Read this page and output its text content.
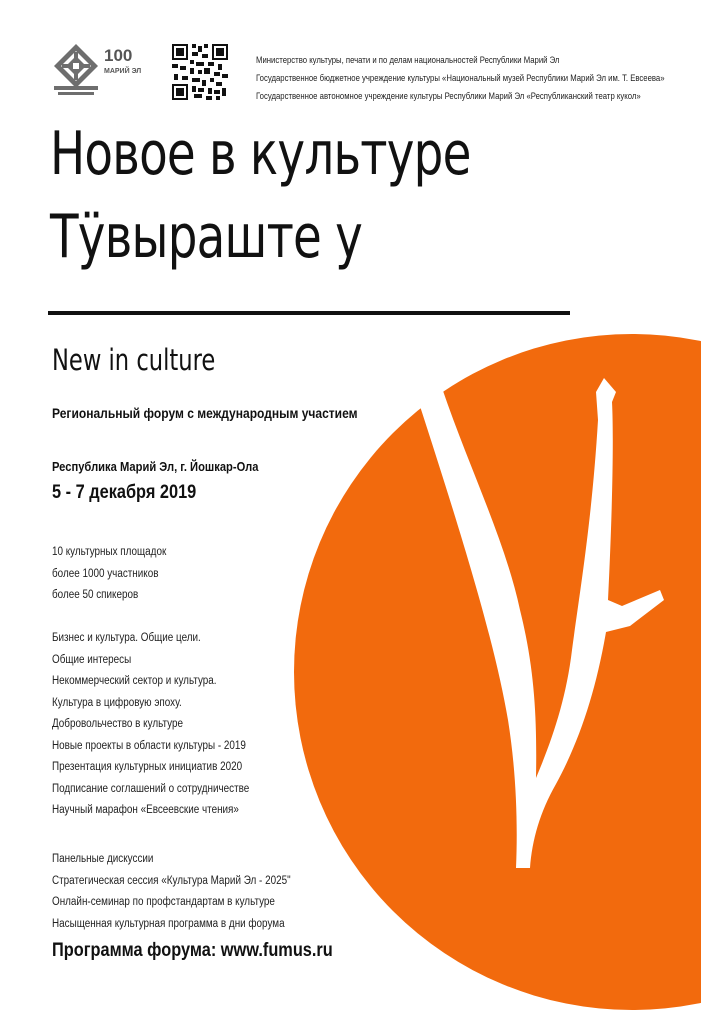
100
МАРИЙ ЭЛ
Министерство культуры, печати и по делам национальностей Республики Марий Эл
Государственное бюджетное учреждение культуры «Национальный музей Республики Марий Эл им. Т. Евсеева»
Государственное автономное учреждение культуры Республики Марий Эл «Республиканский театр кукол»
Новое в культуре
Тӱвыраште у
New in culture
Региональный форум с международным участием
Республика Марий Эл, г. Йошкар-Ола
5 - 7 декабря 2019
10 культурных площадок
более 1000 участников
более 50 спикеров
Бизнес и культура. Общие цели.
Общие интересы
Некоммерческий сектор и культура.
Культура в цифровую эпоху.
Добровольчество в культуре
Новые проекты в области культуры - 2019
Презентация культурных инициатив 2020
Подписание соглашений о сотрудничестве
Научный марафон «Евсеевские чтения»
Панельные дискуссии
Стратегическая сессия «Культура Марий Эл - 2025"
Онлайн-семинар по профстандартам в культуре
Насыщенная культурная программа в дни форума
Программа форума: www.fumus.ru
